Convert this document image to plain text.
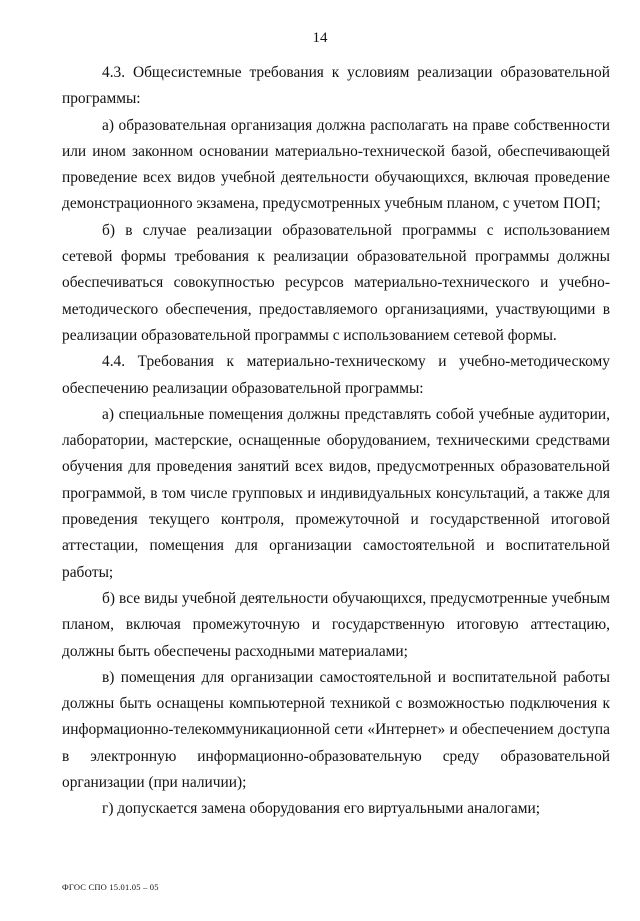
14

4.3. Общесистемные требования к условиям реализации образовательной программы:

а) образовательная организация должна располагать на праве собственности или ином законном основании материально-технической базой, обеспечивающей проведение всех видов учебной деятельности обучающихся, включая проведение демонстрационного экзамена, предусмотренных учебным планом, с учетом ПОП;

б) в случае реализации образовательной программы с использованием сетевой формы требования к реализации образовательной программы должны обеспечиваться совокупностью ресурсов материально-технического и учебно-методического обеспечения, предоставляемого организациями, участвующими в реализации образовательной программы с использованием сетевой формы.

4.4. Требования к материально-техническому и учебно-методическому обеспечению реализации образовательной программы:

а) специальные помещения должны представлять собой учебные аудитории, лаборатории, мастерские, оснащенные оборудованием, техническими средствами обучения для проведения занятий всех видов, предусмотренных образовательной программой, в том числе групповых и индивидуальных консультаций, а также для проведения текущего контроля, промежуточной и государственной итоговой аттестации, помещения для организации самостоятельной и воспитательной работы;

б) все виды учебной деятельности обучающихся, предусмотренные учебным планом, включая промежуточную и государственную итоговую аттестацию, должны быть обеспечены расходными материалами;

в) помещения для организации самостоятельной и воспитательной работы должны быть оснащены компьютерной техникой с возможностью подключения к информационно-телекоммуникационной сети «Интернет» и обеспечением доступа в электронную информационно-образовательную среду образовательной организации (при наличии);

г) допускается замена оборудования его виртуальными аналогами;

ФГОС СПО 15.01.05 – 05
